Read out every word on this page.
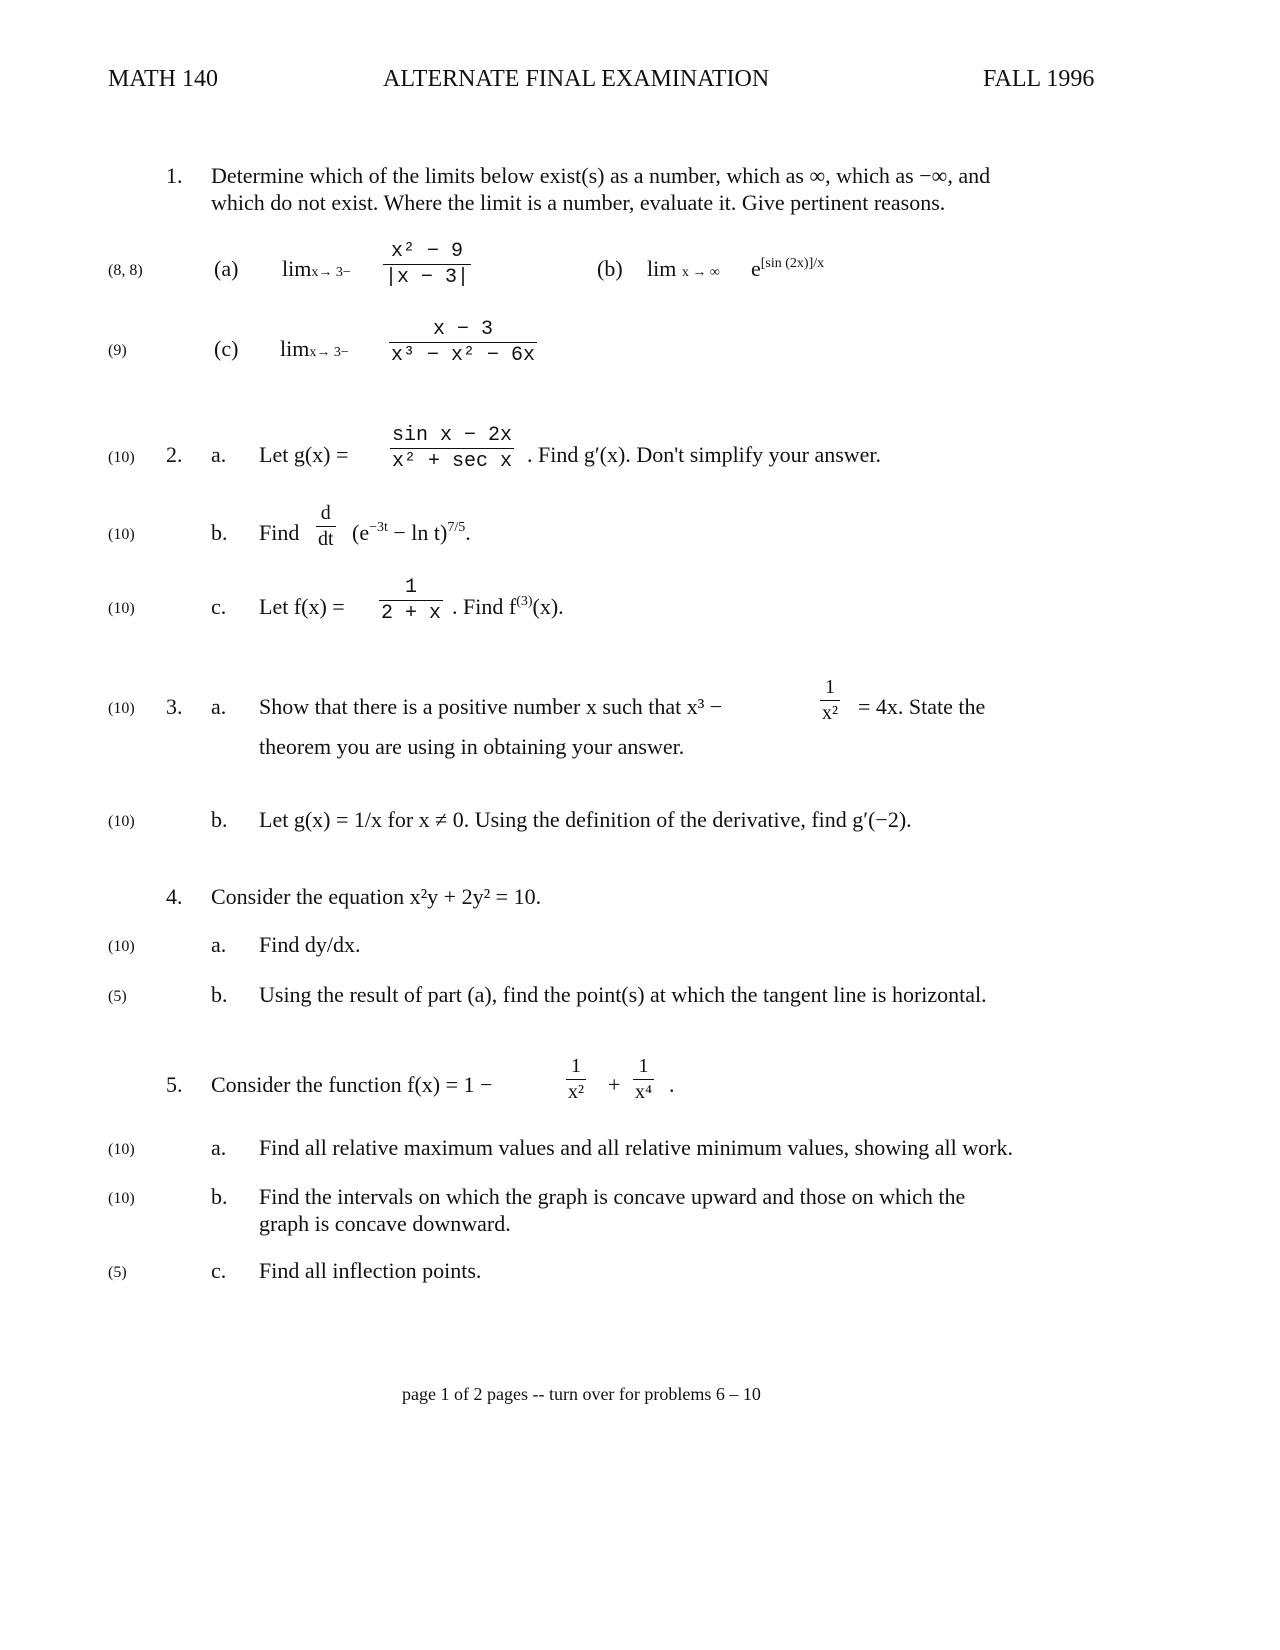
MATH 140	ALTERNATE FINAL EXAMINATION	FALL 1996
1. Determine which of the limits below exist(s) as a number, which as ∞, which as −∞, and
which do not exist. Where the limit is a number, evaluate it. Give pertinent reasons.
(8, 8)	(a) $\lim x\to 3- \frac{\text{x² − 9}}{|x - 3|}$	(b) lim x → ∞ $e^{[sin (2x)]/x}$
(9)	(c) $\lim x\to 3- \frac{x - 3}{\text{x³ − x² − 6x}}$
(10) 2. a. Let g(x) =
sin x − 2x
x² + sec x . Find g′(x). Don't simplify your answer.
(10)	b. Find $\frac{d}{dt} (e^{-3t} - \ln t)^{7/5}$.
(10)	c. Let $f(x) = \frac{1}{2 + x}$ . Find $f^{(3)}(x)$.
(10) 3. a. Show that there is a positive number x such that x³ −	$\frac{1}{\text{x²}} = 4x$. State the
theorem you are using in obtaining your answer.
(10)	b. Let g(x) = 1/x for x ≠ 0. Using the definition of the derivative, find g′(−2).
4. Consider the equation x²y + 2y² = 10.
(10)	a. Find dy/dx.
(5)	b. Using the result of part (a), find the point(s) at which the tangent line is horizontal.
5. Consider the function f(x) = 1 −	$\frac{1}{\text{x²}} + \frac{1}{\text{x⁴}}$ .
(10)	a. Find all relative maximum values and all relative minimum values, showing all work.
(10)	b. Find the intervals on which the graph is concave upward and those on which the
graph is concave downward.
(5)	c. Find all inflection points.
page 1 of 2 pages -- turn over for problems 6 – 10
